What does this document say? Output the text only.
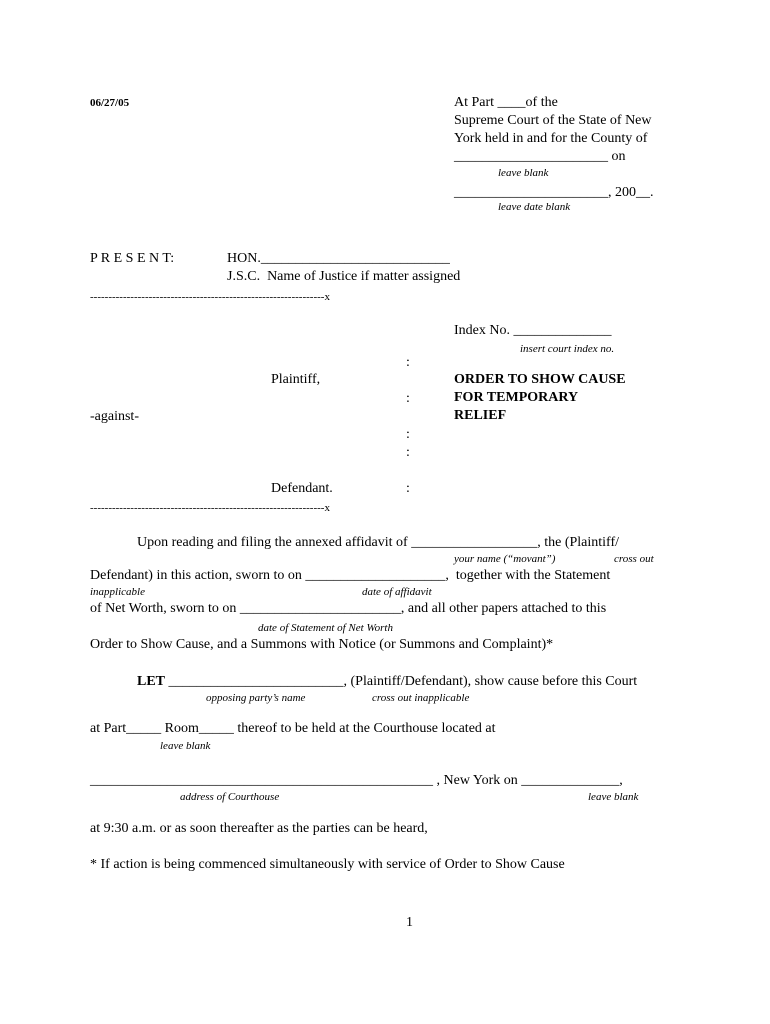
06/27/05	At Part ____of the
Supreme Court of the State of New
York held in and for the County of
______________________ on
leave blank
______________________, 200__.
leave date blank
P R E S E N T:	HON.___________________________
J.S.C.  Name of Justice if matter assigned
----------------------------------------------------------------x
Index No. ______________
insert court index no.
:
Plaintiff,
:
-against-
:
:
Defendant.	:
ORDER TO SHOW CAUSE
FOR TEMPORARY
RELIEF
----------------------------------------------------------------x
Upon reading and filing the annexed affidavit of __________________, the (Plaintiff/
your name (“movant”)	cross out
Defendant) in this action, sworn to on ____________________,  together with the Statement
inapplicable	date of affidavit
of Net Worth, sworn to on _______________________, and all other papers attached to this
date of Statement of Net Worth
Order to Show Cause, and a Summons with Notice (or Summons and Complaint)*
LET _________________________, (Plaintiff/Defendant), show cause before this Court
opposing party’s name	cross out inapplicable
at Part_____ Room_____ thereof to be held at the Courthouse located at
leave blank
_________________________________________________ , New York on ______________,
address of Courthouse	leave blank
at 9:30 a.m. or as soon thereafter as the parties can be heard,
* If action is being commenced simultaneously with service of Order to Show Cause
1
